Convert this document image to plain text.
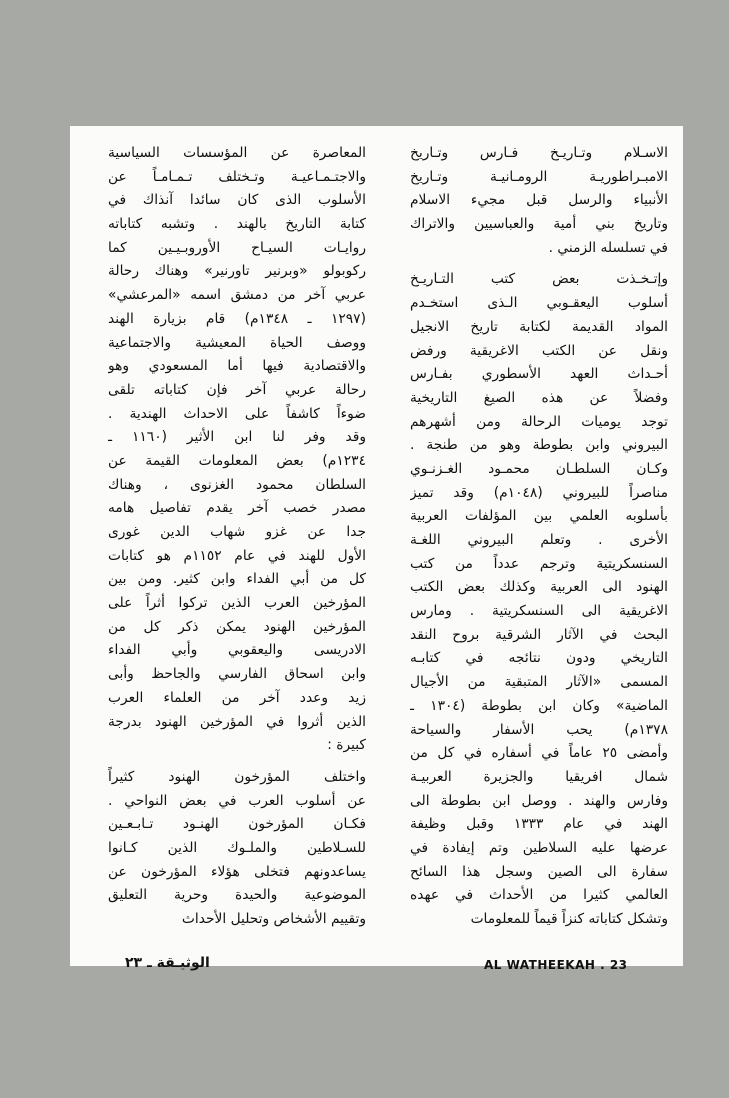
المعاصرة عن المؤسسات السياسية
والاجتـمـاعيـة وتـختلف تـمـامـاً عن
الأسلوب الذى كان سائدا آنذاك في
كتابة التاريخ بالهند . وتشبه كتاباته
روايـات السيـاح الأوروبـيـين كما
ركوبولو «وبرنير تاورنير» وهناك رحالة
عربي آخر من دمشق اسمه «المرعشي»
(١٢٩٧ ـ ١٣٤٨م) قام بزيارة الهند
ووصف الحياة المعيشية والاجتماعية
والاقتصادية فيها أما المسعودي وهو
رحالة عربي آخر فإن كتاباته تلقى
ضوءاً كاشفاً على الاحداث الهندية .
وقد وفر لنا ابن الأثير (١١٦٠ ـ
١٢٣٤م) بعض المعلومات القيمة عن
السلطان محمود الغزنوى ، وهناك
مصدر خصب آخر يقدم تفاصيل هامه
جدا عن غزو شهاب الدين غورى
الأول للهند في عام ١١٥٢م هو كتابات
كل من أبي الفداء وابن كثير. ومن بين
المؤرخين العرب الذين تركوا أثراً على
المؤرخين الهنود يمكن ذكر كل من
الادريسى واليعقوبي وأبي الفداء
وابن اسحاق الفارسي والجاحظ وأبى
زيد وعدد آخر من العلماء العرب
الذين أثروا في المؤرخين الهنود بدرجة
كبيرة :
واختلف المؤرخون الهنود كثيراً
عن أسلوب العرب في بعض النواحي .
فكـان المؤرخون الهنـود تـابـعـين
للسـلاطين والملـوك الذين كـانوا
يساعدونهم فتخلى هؤلاء المؤرخون عن
الموضوعية والحيدة وحرية التعليق
وتقييم الأشخاص وتحليل الأحداث
الاسـلام وتـاريـخ فـارس وتـاريخ
الامبـراطوريـة الرومـانيـة وتـاريخ
الأنبياء والرسل قبل مجيء الاسلام
وتاريخ بني أمية والعباسيين والاتراك
في تسلسله الزمني .
وإتـخـذت بعض كتب التـاريـخ
أسلوب اليعقـوبي الـذى استخـدم
المواد القديمة لكتابة تاريخ الانجيل
ونقل عن الكتب الاغريقية ورفض
أحـداث العهد الأسطوري بفـارس
وفضلاً عن هذه الصيغ التاريخية
توجد يوميات الرحالة ومن أشهرهم
البيروني وابن بطوطة وهو من طنجة .
وكـان السلطـان محمـود الغـزنـوي
مناصراً للبيروني (١٠٤٨م) وقد تميز
بأسلوبه العلمي بين المؤلفات العربية
الأخرى . وتعلم البيروني اللغـة
السنسكريتية وترجم عدداً من كتب
الهنود الى العربية وكذلك بعض الكتب
الاغريقية الى السنسكريتية . ومارس
البحث في الآثار الشرقية بروح النقد
التاريخي ودون نتائجه في كتابـه
المسمى «الآثار المتبقية من الأجيال
الماضية» وكان ابن بطوطة (١٣٠٤ ـ
١٣٧٨م) يحب الأسفار والسياحة
وأمضى ٢٥ عاماً في أسفاره في كل من
شمال افريقيا والجزيرة العربيـة
وفارس والهند . ووصل ابن بطوطة الى
الهند في عام ١٣٣٣ وقبل وظيفة
عرضها عليه السلاطين وتم إيفادة في
سفارة الى الصين وسجل هذا السائح
العالمي كثيرا من الأحداث في عهده
وتشكل كتاباته كنزاً قيماً للمعلومات
الوثيـقة ـ ٢٣	AL WATHEEKAH . 23
